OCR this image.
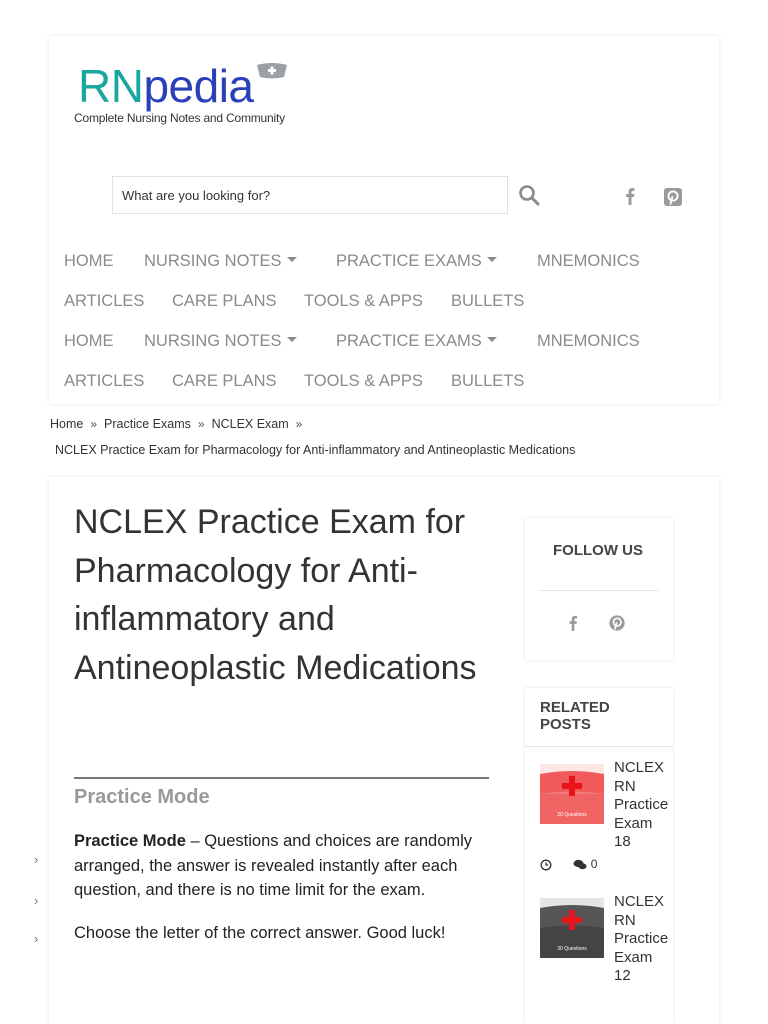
RNpedia
Complete Nursing Notes and Community
What are you looking for?
HOME NURSING NOTES	PRACTICE EXAMS	MNEMONICS
ARTICLES CARE PLANS TOOLS & APPS BULLETS
HOME NURSING NOTES	PRACTICE EXAMS	MNEMONICS
ARTICLES CARE PLANS TOOLS & APPS BULLETS
Home » Practice Exams » NCLEX Exam »
NCLEX Practice Exam for Pharmacology for Anti-inflammatory and Antineoplastic Medications
›
›
›
NCLEX Practice Exam for Pharmacology for Anti-inflammatory and Antineoplastic Medications
Practice Mode

Practice Mode – Questions and choices are randomly arranged, the answer is revealed instantly after each question, and there is no time limit for the exam.

Choose the letter of the correct answer. Good luck!

FOLLOW US
RELATED POSTS
20 Questions
NCLEX RN Practice Exam 18
0
30 Questions
NCLEX RN Practice Exam 12
